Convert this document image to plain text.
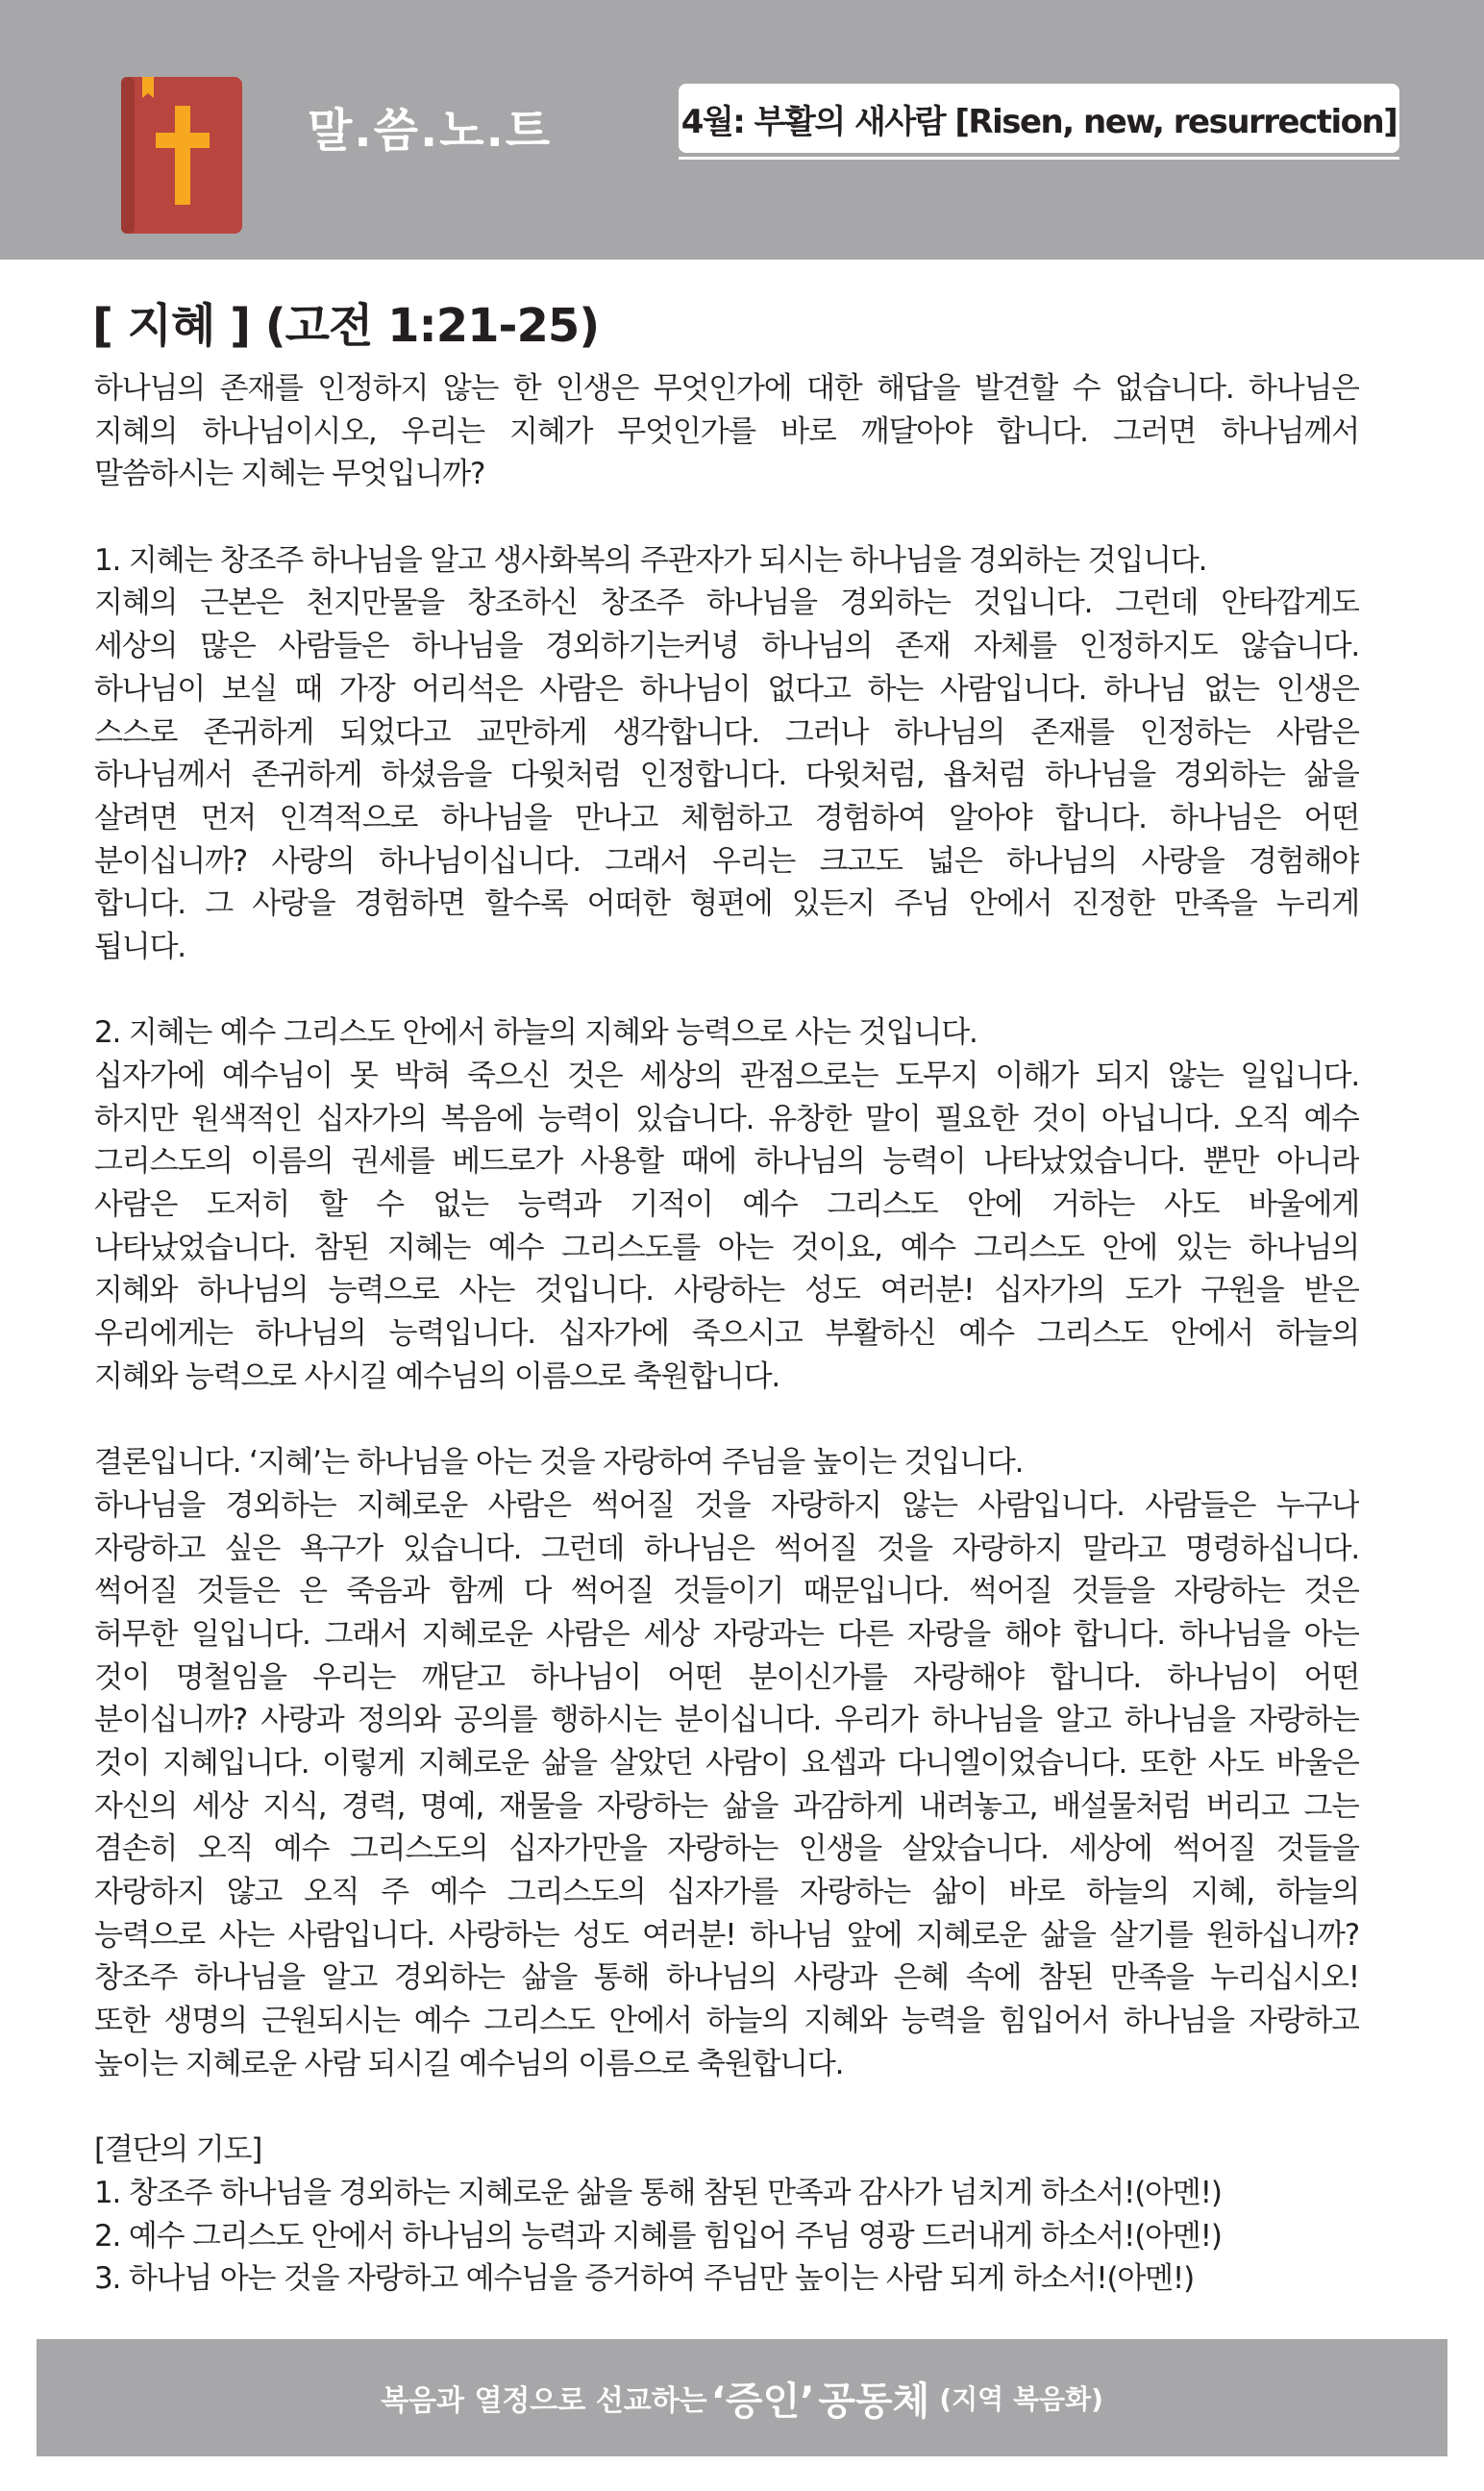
말.씀.노.트	4월: 부활의 새사람 [Risen, new, resurrection]
[ 지혜 ] (고전 1:21-25)
하나님의 존재를 인정하지 않는 한 인생은 무엇인가에 대한 해답을 발견할 수 없습니다. 하나님은
지혜의 하나님이시오, 우리는 지혜가 무엇인가를 바로 깨달아야 합니다. 그러면 하나님께서
말씀하시는 지혜는 무엇입니까?
1. 지혜는 창조주 하나님을 알고 생사화복의 주관자가 되시는 하나님을 경외하는 것입니다.
지혜의 근본은 천지만물을 창조하신 창조주 하나님을 경외하는 것입니다. 그런데 안타깝게도
세상의 많은 사람들은 하나님을 경외하기는커녕 하나님의 존재 자체를 인정하지도 않습니다.
하나님이 보실 때 가장 어리석은 사람은 하나님이 없다고 하는 사람입니다. 하나님 없는 인생은
스스로 존귀하게 되었다고 교만하게 생각합니다. 그러나 하나님의 존재를 인정하는 사람은
하나님께서 존귀하게 하셨음을 다윗처럼 인정합니다. 다윗처럼, 욥처럼 하나님을 경외하는 삶을
살려면 먼저 인격적으로 하나님을 만나고 체험하고 경험하여 알아야 합니다. 하나님은 어떤
분이십니까? 사랑의 하나님이십니다. 그래서 우리는 크고도 넓은 하나님의 사랑을 경험해야
합니다. 그 사랑을 경험하면 할수록 어떠한 형편에 있든지 주님 안에서 진정한 만족을 누리게
됩니다.
2. 지혜는 예수 그리스도 안에서 하늘의 지혜와 능력으로 사는 것입니다.
십자가에 예수님이 못 박혀 죽으신 것은 세상의 관점으로는 도무지 이해가 되지 않는 일입니다.
하지만 원색적인 십자가의 복음에 능력이 있습니다. 유창한 말이 필요한 것이 아닙니다. 오직 예수
그리스도의 이름의 권세를 베드로가 사용할 때에 하나님의 능력이 나타났었습니다. 뿐만 아니라
사람은 도저히 할 수 없는 능력과 기적이 예수 그리스도 안에 거하는 사도 바울에게
나타났었습니다. 참된 지혜는 예수 그리스도를 아는 것이요, 예수 그리스도 안에 있는 하나님의
지혜와 하나님의 능력으로 사는 것입니다. 사랑하는 성도 여러분! 십자가의 도가 구원을 받은
우리에게는 하나님의 능력입니다. 십자가에 죽으시고 부활하신 예수 그리스도 안에서 하늘의
지혜와 능력으로 사시길 예수님의 이름으로 축원합니다.
결론입니다. ‘지혜’는 하나님을 아는 것을 자랑하여 주님을 높이는 것입니다.
하나님을 경외하는 지혜로운 사람은 썩어질 것을 자랑하지 않는 사람입니다. 사람들은 누구나
자랑하고 싶은 욕구가 있습니다. 그런데 하나님은 썩어질 것을 자랑하지 말라고 명령하십니다.
썩어질 것들은 은 죽음과 함께 다 썩어질 것들이기 때문입니다. 썩어질 것들을 자랑하는 것은
허무한 일입니다. 그래서 지혜로운 사람은 세상 자랑과는 다른 자랑을 해야 합니다. 하나님을 아는
것이 명철임을 우리는 깨닫고 하나님이 어떤 분이신가를 자랑해야 합니다. 하나님이 어떤
분이십니까? 사랑과 정의와 공의를 행하시는 분이십니다. 우리가 하나님을 알고 하나님을 자랑하는
것이 지혜입니다. 이렇게 지혜로운 삶을 살았던 사람이 요셉과 다니엘이었습니다. 또한 사도 바울은
자신의 세상 지식, 경력, 명예, 재물을 자랑하는 삶을 과감하게 내려놓고, 배설물처럼 버리고 그는
겸손히 오직 예수 그리스도의 십자가만을 자랑하는 인생을 살았습니다. 세상에 썩어질 것들을
자랑하지 않고 오직 주 예수 그리스도의 십자가를 자랑하는 삶이 바로 하늘의 지혜, 하늘의
능력으로 사는 사람입니다. 사랑하는 성도 여러분! 하나님 앞에 지혜로운 삶을 살기를 원하십니까?
창조주 하나님을 알고 경외하는 삶을 통해 하나님의 사랑과 은혜 속에 참된 만족을 누리십시오!
또한 생명의 근원되시는 예수 그리스도 안에서 하늘의 지혜와 능력을 힘입어서 하나님을 자랑하고
높이는 지혜로운 사람 되시길 예수님의 이름으로 축원합니다.
[결단의 기도]
1. 창조주 하나님을 경외하는 지혜로운 삶을 통해 참된 만족과 감사가 넘치게 하소서!(아멘!)
2. 예수 그리스도 안에서 하나님의 능력과 지혜를 힘입어 주님 영광 드러내게 하소서!(아멘!)
3. 하나님 아는 것을 자랑하고 예수님을 증거하여 주님만 높이는 사람 되게 하소서!(아멘!)
복음과 열정으로 선교하는 ‘증인’ 공동체 (지역 복음화)
